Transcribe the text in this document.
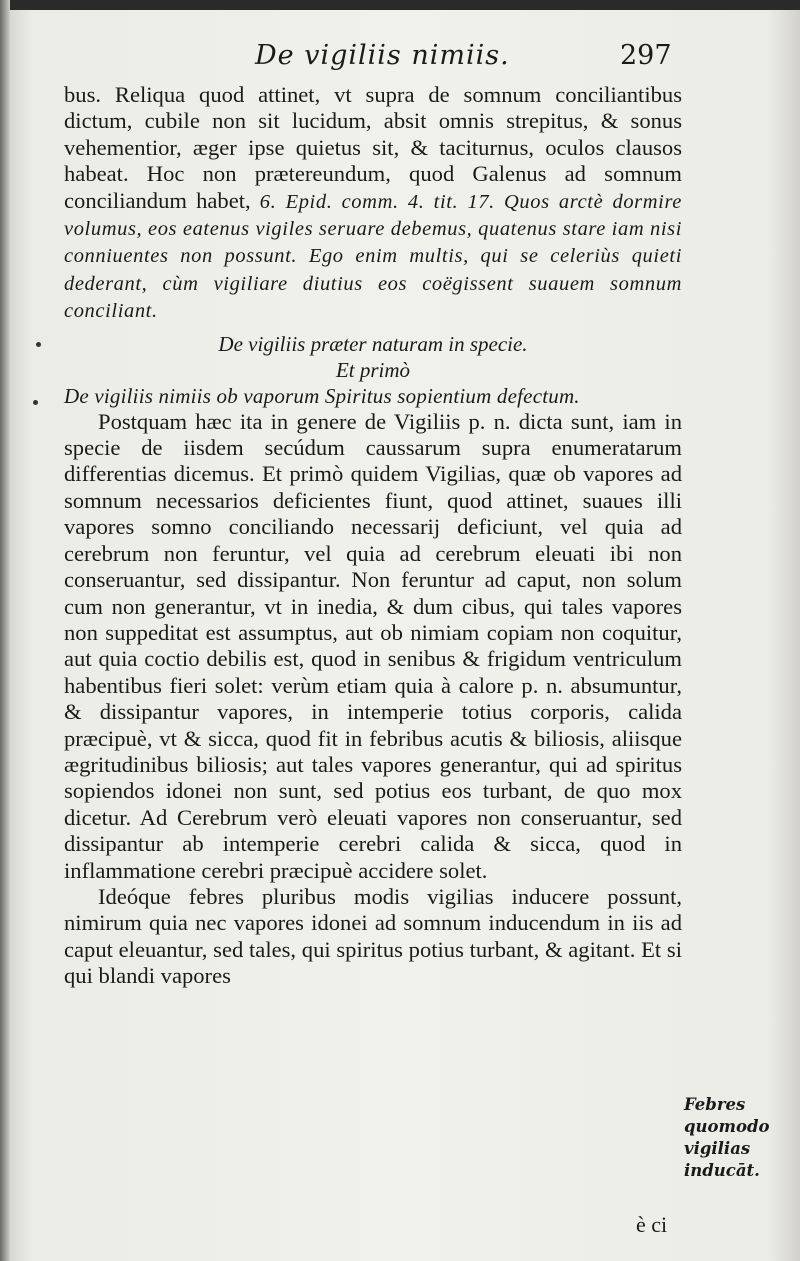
De vigiliis nimiis.	297

bus. Reliqua quod attinet, vt supra de somnum conciliantibus dictum, cubile non sit lucidum, absit omnis strepitus, & sonus vehementior, æger ipse quietus sit, & taciturnus, oculos clausos habeat. Hoc non prætereundum, quod Galenus ad somnum conciliandum habet, 6. Epid. comm. 4. tit. 17. Quos arctè dormire volumus, eos eatenus vigiles seruare debemus, quatenus stare iam nisi conniuentes non possunt. Ego enim multis, qui se celeriùs quieti dederant, cùm vigiliare diutius eos coëgissent suauem somnum conciliant.

De vigiliis præter naturam in specie.

Et primò

De vigiliis nimiis ob vaporum Spiritus sopientium defectum.

Postquam hæc ita in genere de Vigiliis p. n. dicta sunt, iam in specie de iisdem secúdum caussarum supra enumeratarum differentias dicemus. Et primò quidem Vigilias, quæ ob vapores ad somnum necessarios deficientes fiunt, quod attinet, suaues illi vapores somno conciliando necessarij deficiunt, vel quia ad cerebrum non feruntur, vel quia ad cerebrum eleuati ibi non conseruantur, sed dissipantur. Non feruntur ad caput, non solum cum non generantur, vt in inedia, & dum cibus, qui tales vapores non suppeditat est assumptus, aut ob nimiam copiam non coquitur, aut quia coctio debilis est, quod in senibus & frigidum ventriculum habentibus fieri solet: verùm etiam quia à calore p. n. absumuntur, & dissipantur vapores, in intemperie totius corporis, calida præcipuè, vt & sicca, quod fit in febribus acutis & biliosis, aliisque ægritudinibus biliosis; aut tales vapores generantur, qui ad spiritus sopiendos idonei non sunt, sed potius eos turbant, de quo mox dicetur. Ad Cerebrum verò eleuati vapores non conseruantur, sed dissipantur ab intemperie cerebri calida & sicca, quod in inflammatione cerebri præcipuè accidere solet.

Ideóque febres pluribus modis vigilias inducere possunt, nimirum quia nec vapores idonei ad somnum inducendum in iis ad caput eleuantur, sed tales, qui spiritus potius turbant, & agitant. Et si qui blandi vapores

Febres
quomodo
vigilias
inducāt.
è ci
